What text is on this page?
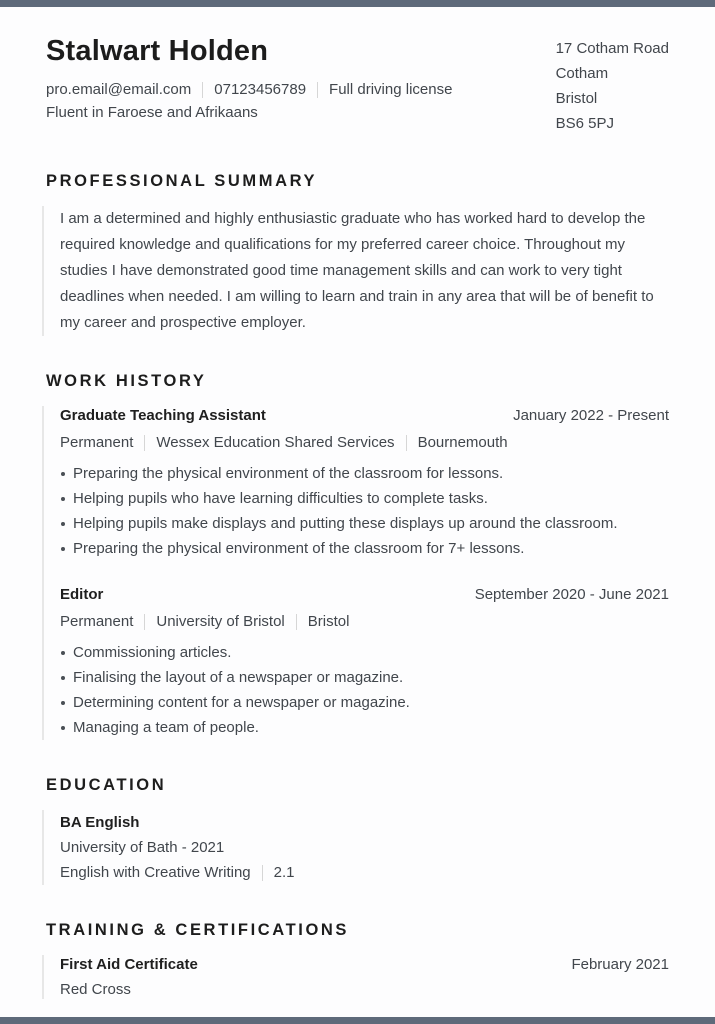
Stalwart Holden
pro.email@email.com 07123456789 Full driving license
Fluent in Faroese and Afrikaans
17 Cotham Road
Cotham
Bristol
BS6 5PJ
PROFESSIONAL SUMMARY

I am a determined and highly enthusiastic graduate who has worked hard to develop the required knowledge and qualifications for my preferred career choice. Throughout my studies I have demonstrated good time management skills and can work to very tight deadlines when needed. I am willing to learn and train in any area that will be of benefit to my career and prospective employer.

WORK HISTORY
Graduate Teaching Assistant	January 2022 - Present
Permanent Wessex Education Shared Services Bournemouth
Preparing the physical environment of the classroom for lessons.
Helping pupils who have learning difficulties to complete tasks.
Helping pupils make displays and putting these displays up around the classroom.
Preparing the physical environment of the classroom for 7+ lessons.
Editor	September 2020 - June 2021
Permanent University of Bristol Bristol
Commissioning articles.
Finalising the layout of a newspaper or magazine.
Determining content for a newspaper or magazine.
Managing a team of people.
EDUCATION
BA English
University of Bath - 2021
English with Creative Writing 2.1
TRAINING & CERTIFICATIONS
First Aid Certificate	February 2021
Red Cross
